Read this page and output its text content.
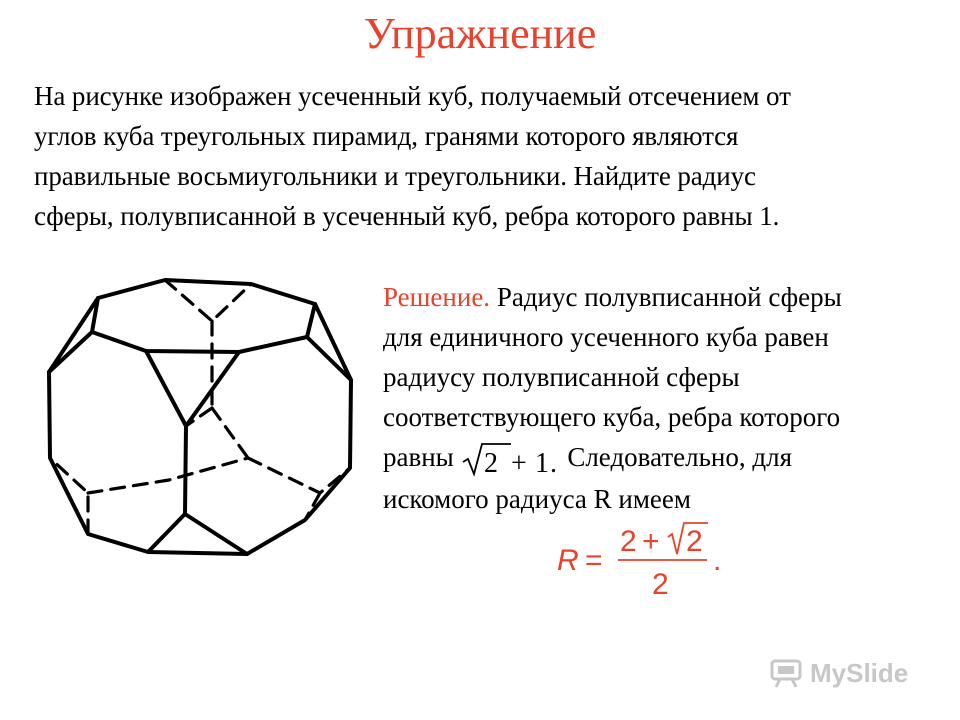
Упражнение
На рисунке изображен усеченный куб, получаемый отсечением от
углов куба треугольных пирамид, гранями которого являются
правильные восьмиугольники и треугольники. Найдите радиус
сферы, полувписанной в усеченный куб, ребра которого равны 1.
Решение. Радиус полувписанной сферы
для единичного усеченного куба равен
радиусу полувписанной сферы
соответствующего куба, ребра которого
равны 2 + 1 . Следовательно, для
искомого радиуса R имеем
R =
2 + 2
2
.
MySlide
